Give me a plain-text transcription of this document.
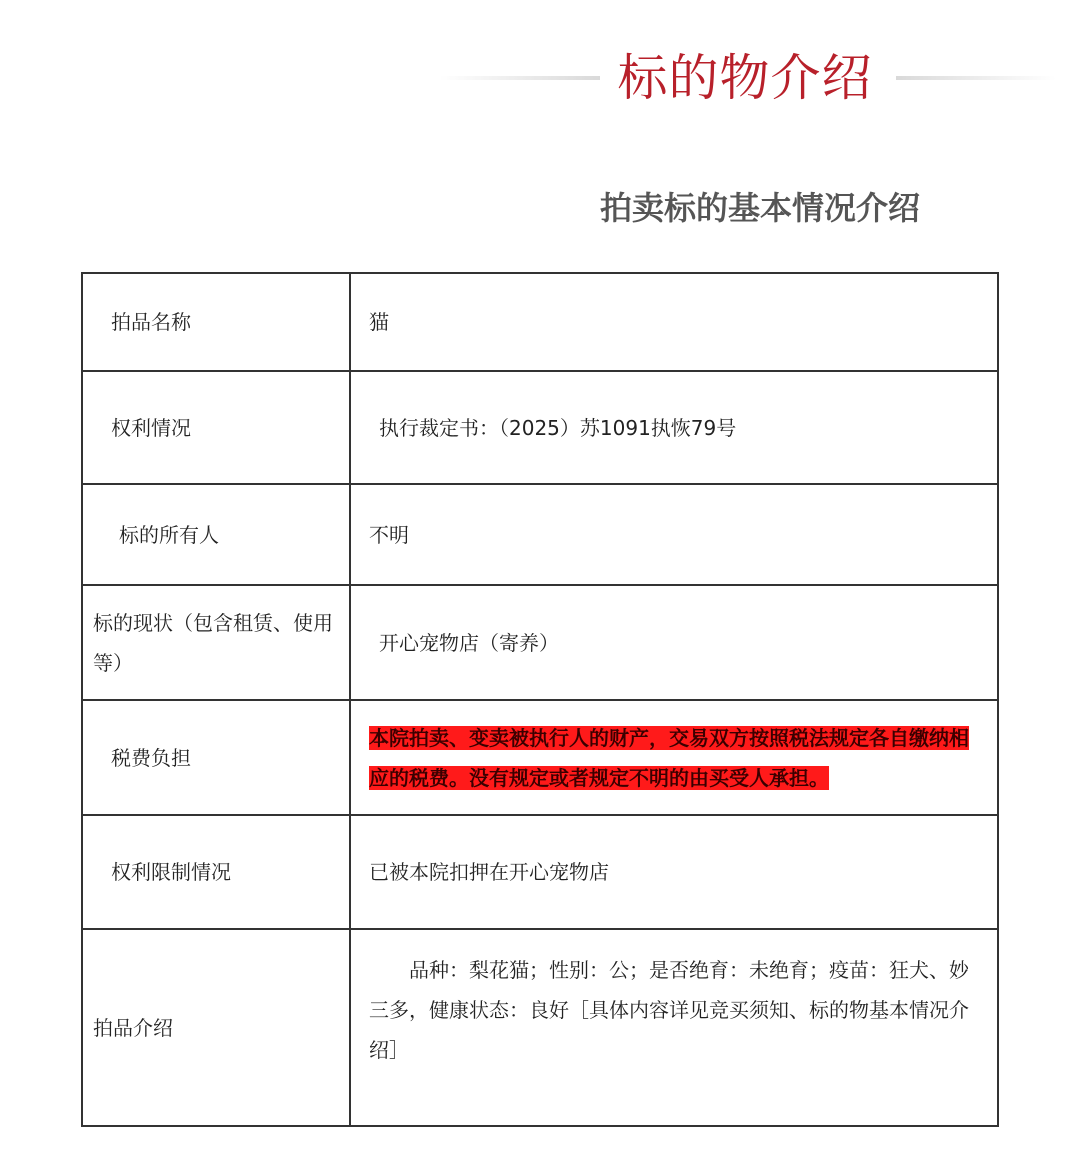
标的物介绍
拍卖标的基本情况介绍
拍品名称	猫
权利情况	执行裁定书：（2025）苏1091执恢79号
标的所有人	不明
标的现状（包含租赁、使用等）	开心宠物店（寄养）
税费负担	本院拍卖、变卖被执行人的财产，交易双方按照税法规定各自缴纳相应的税费。没有规定或者规定不明的由买受人承担。
权利限制情况	已被本院扣押在开心宠物店
拍品介绍	品种：梨花猫；性别：公；是否绝育：未绝育；疫苗：狂犬、妙三多，健康状态：良好［具体内容详见竞买须知、标的物基本情况介绍］
